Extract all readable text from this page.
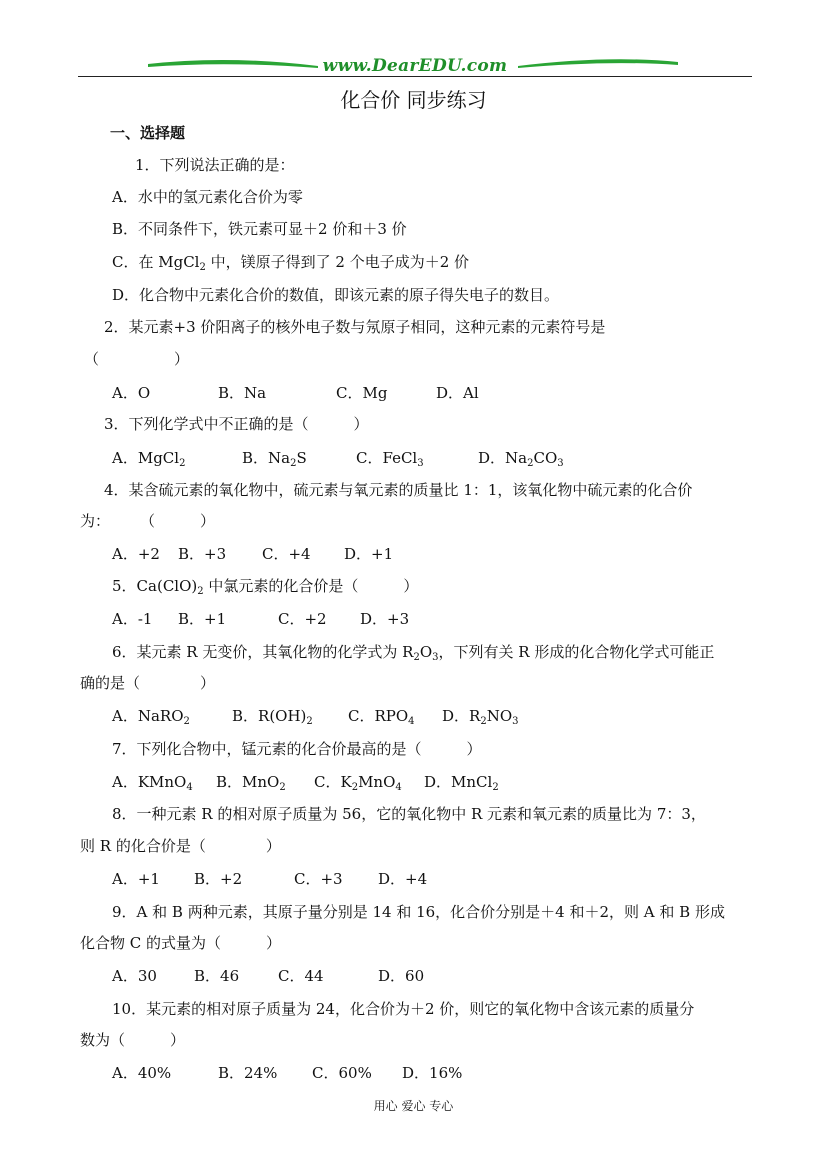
www.DearEDU.com
化合价 同步练习
一、选择题
1．下列说法正确的是：
A．水中的氢元素化合价为零
B．不同条件下，铁元素可显＋2 价和＋3 价
C．在 MgCl$_2$ 中，镁原子得到了 2 个电子成为＋2 价
D．化合物中元素化合价的数值，即该元素的原子得失电子的数目。
2．某元素+3 价阳离子的核外电子数与氖原子相同，这种元素的元素符号是
（　　　　　）
A．O	B．Na	C．Mg	D．Al
3．下列化学式中不正确的是（　　　）
A．MgCl$_2$	B．$Na_2S$	C．FeCl$_3$	D．$Na_2CO_3$
4．某含硫元素的氧化物中，硫元素与氧元素的质量比 1：1，该氧化物中硫元素的化合价
为：　　　（　　　）
A．+2 B．+3 C．+4 D．+1
5．$Ca(ClO)_2$ 中氯元素的化合价是（　　　）
A．-1 B．+1	C．+2 D．+3
6．某元素 R 无变价，其氧化物的化学式为 $R_2O_3$，下列有关 R 形成的化合物化学式可能正
确的是（　　　　）
A．NaRO$_2$	B．$R(OH)_2$ C．$RPO_4$ D．$R_2NO_3$
7．下列化合物中，锰元素的化合价最高的是（　　　）
A．KMnO$_4$ B．MnO$_2$ C．$K_2MnO_4$ D．MnCl$_2$
8．一种元素 R 的相对原子质量为 56，它的氧化物中 R 元素和氧元素的质量比为 7：3，
则 R 的化合价是（　　　　）
A．+1 B．+2	C．+3 D．+4
9．A 和 B 两种元素，其原子量分别是 14 和 16，化合价分别是＋4 和＋2，则 A 和 B 形成
化合物 C 的式量为（　　　）
A．30 B．46	C．44	D．60
10．某元素的相对原子质量为 24，化合价为＋2 价，则它的氧化物中含该元素的质量分
数为（　　　）
A．40%	B．24% C．60% D．16%
用心 爱心 专心
